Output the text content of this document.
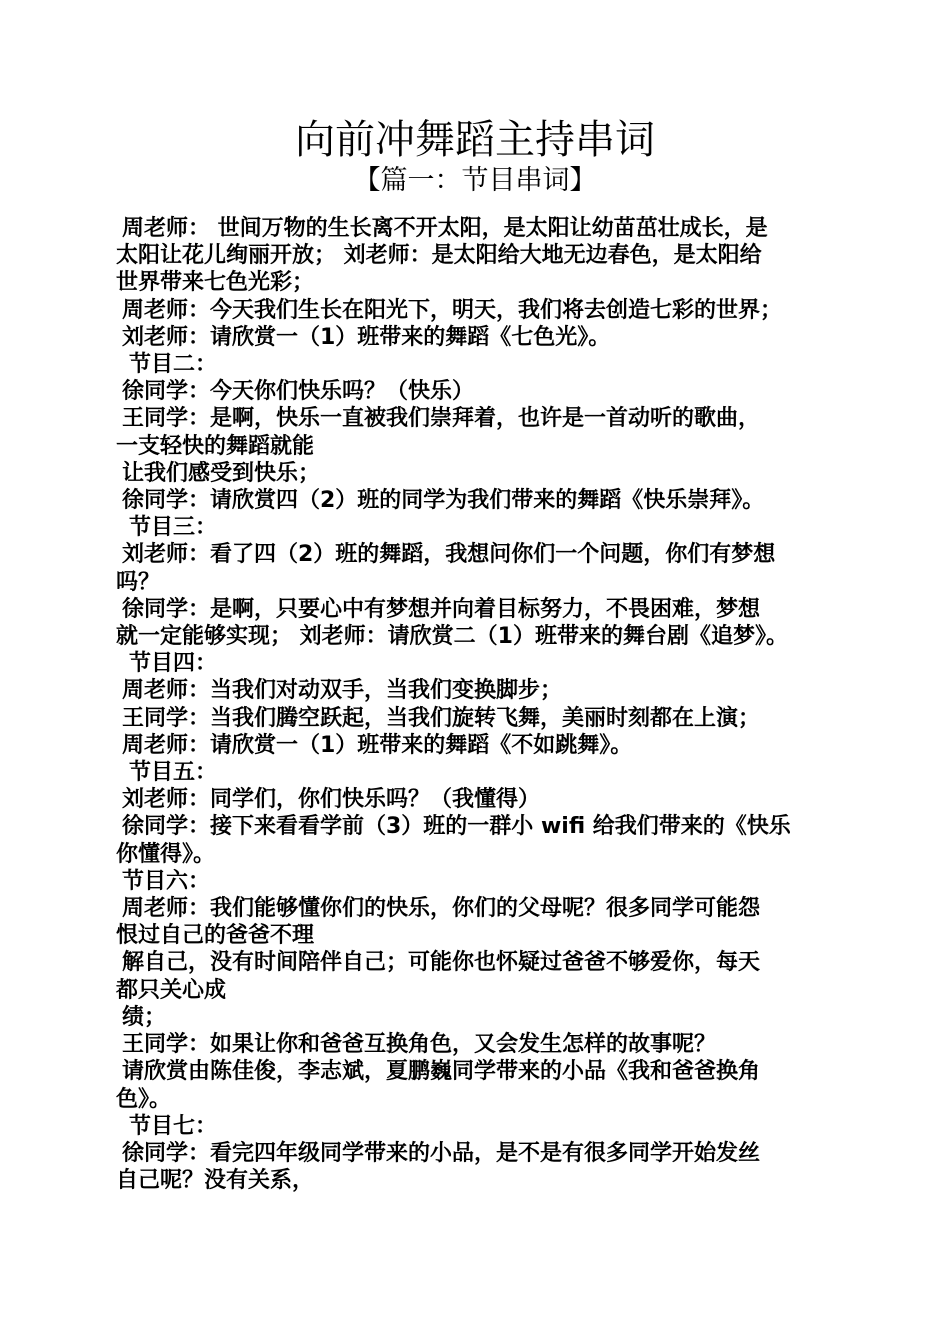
向前冲舞蹈主持串词
【篇一：节目串词】
周老师： 世间万物的生长离不开太阳，是太阳让幼苗茁壮成长，是
太阳让花儿绚丽开放； 刘老师：是太阳给大地无边春色，是太阳给
世界带来七色光彩；
周老师：今天我们生长在阳光下，明天，我们将去创造七彩的世界；
刘老师：请欣赏一（1）班带来的舞蹈《七色光》。
节目二：
徐同学：今天你们快乐吗？（快乐）
王同学：是啊，快乐一直被我们崇拜着，也许是一首动听的歌曲，
一支轻快的舞蹈就能
让我们感受到快乐；
徐同学：请欣赏四（2）班的同学为我们带来的舞蹈《快乐崇拜》。
节目三：
刘老师：看了四（2）班的舞蹈，我想问你们一个问题，你们有梦想
吗？
徐同学：是啊，只要心中有梦想并向着目标努力，不畏困难，梦想
就一定能够实现； 刘老师：请欣赏二（1）班带来的舞台剧《追梦》。
节目四：
周老师：当我们对动双手，当我们变换脚步；
王同学：当我们腾空跃起，当我们旋转飞舞，美丽时刻都在上演；
周老师：请欣赏一（1）班带来的舞蹈《不如跳舞》。
节目五：
刘老师：同学们，你们快乐吗？（我懂得）
徐同学：接下来看看学前（3）班的一群小 wifi 给我们带来的《快乐
你懂得》。
节目六：
周老师：我们能够懂你们的快乐，你们的父母呢？很多同学可能怨
恨过自己的爸爸不理
解自己，没有时间陪伴自己；可能你也怀疑过爸爸不够爱你，每天
都只关心成
绩；
王同学：如果让你和爸爸互换角色，又会发生怎样的故事呢？
请欣赏由陈佳俊，李志斌，夏鹏巍同学带来的小品《我和爸爸换角
色》。
节目七：
徐同学：看完四年级同学带来的小品，是不是有很多同学开始发丝
自己呢？没有关系，
